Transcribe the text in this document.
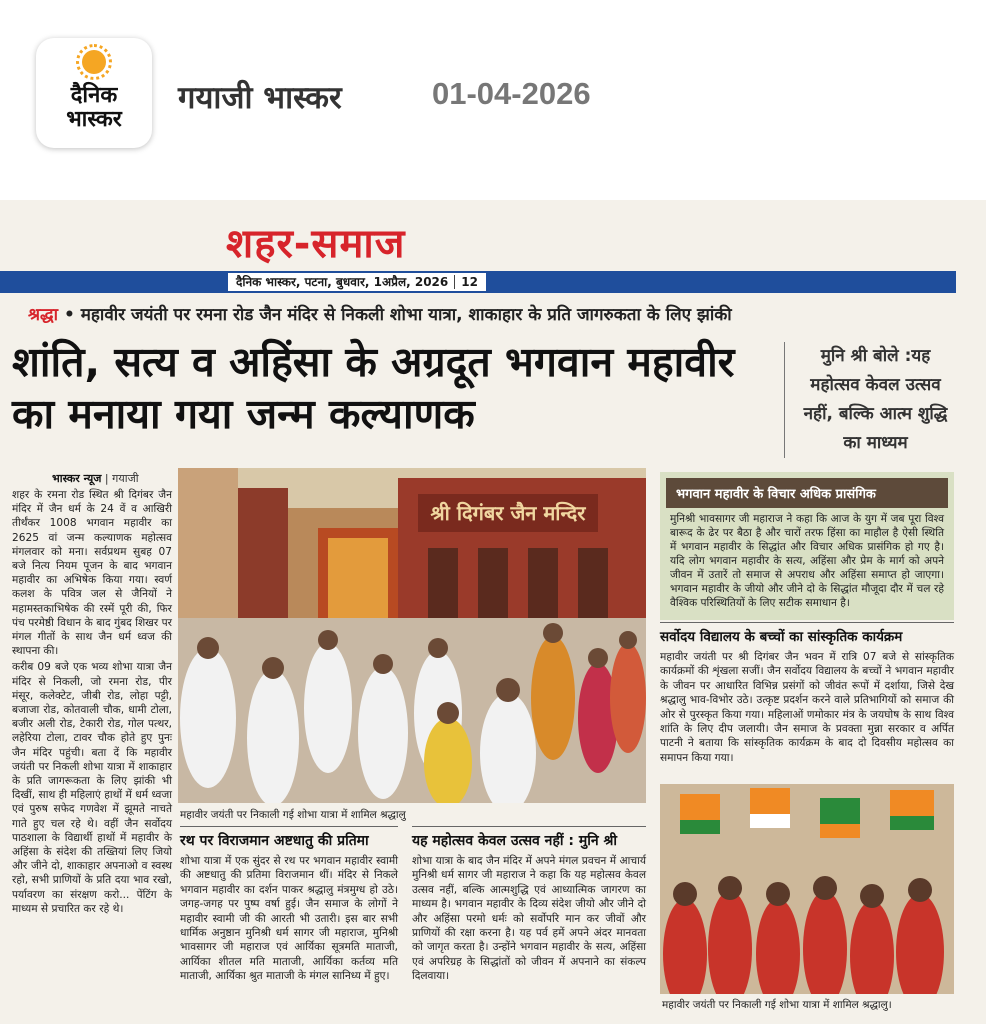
दैनिक
भास्कर
गयाजी भास्कर	01-04-2026
शहर-समाज
दैनिक भास्कर, पटना, बुधवार, 1अप्रैल, 2026 12
श्रद्धा • महावीर जयंती पर रमना रोड जैन मंदिर से निकली शोभा यात्रा, शाकाहार के प्रति जागरुकता के लिए झांकी
शांति, सत्य व अहिंसा के अग्रदूत भगवान महावीर का मनाया गया जन्म कल्याणक
मुनि श्री बोले :यह महोत्सव केवल उत्सव नहीं, बल्कि आत्म शुद्धि का माध्यम
भास्कर न्यूज | गयाजी

शहर के रमना रोड स्थित श्री दिगंबर जैन मंदिर में जैन धर्म के 24 वें व आखिरी तीर्थंकर 1008 भगवान महावीर का 2625 वां जन्म कल्याणक महोत्सव मंगलवार को मना। सर्वप्रथम सुबह 07 बजे नित्य नियम पूजन के बाद भगवान महावीर का अभिषेक किया गया। स्वर्ण कलश के पवित्र जल से जैनियों ने महामस्तकाभिषेक की रस्में पूरी की, फिर पंच परमेष्ठी विधान के बाद गुंबद शिखर पर मंगल गीतों के साथ जैन धर्म ध्वज की स्थापना की।

करीब 09 बजे एक भव्य शोभा यात्रा जैन मंदिर से निकली, जो रमना रोड, पीर मंसूर, कलेक्टेट, जीबी रोड, लोहा पट्टी, बजाजा रोड, कोतवाली चौक, धामी टोला, बजीर अली रोड, टेकारी रोड, गोल पत्थर, लहेरिया टोला, टावर चौक होते हुए पुनः जैन मंदिर पहुंची। बता दें कि महावीर जयंती पर निकली शोभा यात्रा में शाकाहार के प्रति जागरूकता के लिए झांकी भी दिखीं, साथ ही महिलाएं हाथों में धर्म ध्वजा एवं पुरुष सफेद गणवेश में झूमते नाचते गाते हुए चल रहे थे। वहीं जैन सर्वोदय पाठशाला के विद्यार्थी हाथों में महावीर के अहिंसा के संदेश की तख्तियां लिए जियो और जीने दो, शाकाहार अपनाओ व स्वस्थ रहो, सभी प्राणियों के प्रति दया भाव रखो, पर्यावरण का संरक्षण करो... पेंटिंग के माध्यम से प्रचारित कर रहे थे।

श्री दिगंबर जैन मन्दिर
महावीर जयंती पर निकाली गई शोभा यात्रा में शामिल श्रद्धालु
रथ पर विराजमान अष्टधातु की प्रतिमा
शोभा यात्रा में एक सुंदर से रथ पर भगवान महावीर स्वामी की अष्टधातु की प्रतिमा विराजमान थीं। मंदिर से निकले भगवान महावीर का दर्शन पाकर श्रद्धालु मंत्रमुग्ध हो उठे। जगह-जगह पर पुष्प वर्षा हुई। जैन समाज के लोगों ने महावीर स्वामी जी की आरती भी उतारी। इस बार सभी धार्मिक अनुष्ठान मुनिश्री धर्म सागर जी महाराज, मुनिश्री भावसागर जी महाराज एवं आर्यिका सूत्रमति माताजी, आर्यिका शीतल मति माताजी, आर्यिका कर्तव्य मति माताजी, आर्यिका श्रुत माताजी के मंगल सानिध्य में हुए।
यह महोत्सव केवल उत्सव नहीं : मुनि श्री
शोभा यात्रा के बाद जैन मंदिर में अपने मंगल प्रवचन में आचार्य मुनिश्री धर्म सागर जी महाराज ने कहा कि यह महोत्सव केवल उत्सव नहीं, बल्कि आत्मशुद्धि एवं आध्यात्मिक जागरण का माध्यम है। भगवान महावीर के दिव्य संदेश जीयो और जीने दो और अहिंसा परमो धर्मः को सर्वोपरि मान कर जीवों और प्राणियों की रक्षा करना है। यह पर्व हमें अपने अंदर मानवता को जागृत करता है। उन्होंने भगवान महावीर के सत्य, अहिंसा एवं अपरिग्रह के सिद्धांतों को जीवन में अपनाने का संकल्प दिलवाया।
भगवान महावीर के विचार अधिक प्रासंगिक
मुनिश्री भावसागर जी महाराज ने कहा कि आज के युग में जब पूरा विश्व बारूद के ढेर पर बैठा है और चारों तरफ हिंसा का माहौल है ऐसी स्थिति में भगवान महावीर के सिद्धांत और विचार अधिक प्रासंगिक हो गए है। यदि लोग भगवान महावीर के सत्य, अहिंसा और प्रेम के मार्ग को अपने जीवन में उतारें तो समाज से अपराध और अहिंसा समाप्त हो जाएगा। भगवान महावीर के जीयो और जीने दो के सिद्धांत मौजूदा दौर में चल रहे वैश्विक परिस्थितियों के लिए सटीक समाधान है।
सर्वोदय विद्यालय के बच्चों का सांस्कृतिक कार्यक्रम
महावीर जयंती पर श्री दिगंबर जैन भवन में रात्रि 07 बजे से सांस्कृतिक कार्यक्रमों की शृंखला सजीं। जैन सर्वोदय विद्यालय के बच्चों ने भगवान महावीर के जीवन पर आधारित विभिन्न प्रसंगों को जीवंत रूपों में दर्शाया, जिसे देख श्रद्धालु भाव-विभोर उठे। उत्कृष्ट प्रदर्शन करने वाले प्रतिभागियों को समाज की ओर से पुरस्कृत किया गया। महिलाओं णमोकार मंत्र के जयघोष के साथ विश्व शांति के लिए दीप जलायी। जैन समाज के प्रवक्ता मुन्ना सरकार व अर्पित पाटनी ने बताया कि सांस्कृतिक कार्यक्रम के बाद दो दिवसीय महोत्सव का समापन किया गया।
महावीर जयंती पर निकाली गई शोभा यात्रा में शामिल श्रद्धालु।
